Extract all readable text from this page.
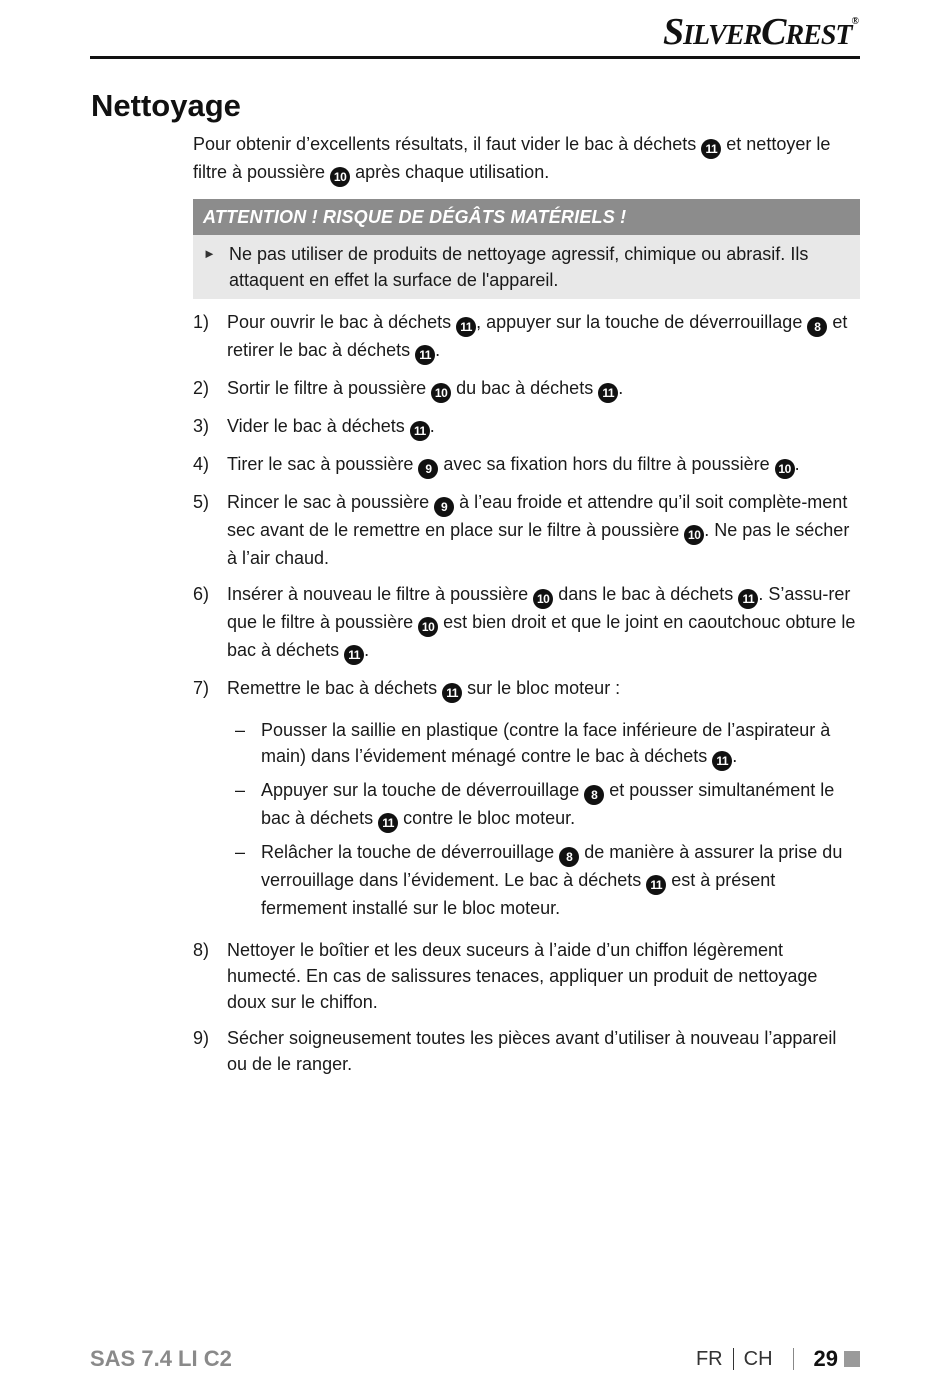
SILVERCREST®
Nettoyage

Pour obtenir d’excellents résultats, il faut vider le bac à déchets 11 et nettoyer le filtre à poussière 10 après chaque utilisation.

ATTENTION ! RISQUE DE DÉGÂTS MATÉRIELS !
► Ne pas utiliser de produits de nettoyage agressif, chimique ou abrasif. Ils attaquent en effet la surface de l'appareil.
1) Pour ouvrir le bac à déchets 11 , appuyer sur la touche de déverrouillage 8 et retirer le bac à déchets 11 .
2) Sortir le filtre à poussière 10 du bac à déchets 11 .
3) Vider le bac à déchets 11 .
4) Tirer le sac à poussière 9 avec sa fixation hors du filtre à poussière 10 .
5) Rincer le sac à poussière 9 à l’eau froide et attendre qu’il soit complète-ment sec avant de le remettre en place sur le filtre à poussière 10 . Ne pas le sécher à l’air chaud.
6) Insérer à nouveau le filtre à poussière 10 dans le bac à déchets 11 . S’assu-rer que le filtre à poussière 10 est bien droit et que le joint en caoutchouc obture le bac à déchets 11 .
7) Remettre le bac à déchets 11 sur le bloc moteur :
– Pousser la saillie en plastique (contre la face inférieure de l’aspirateur à main) dans l’évidement ménagé contre le bac à déchets 11 .
– Appuyer sur la touche de déverrouillage 8 et pousser simultanément le bac à déchets 11 contre le bloc moteur.
– Relâcher la touche de déverrouillage 8 de manière à assurer la prise du verrouillage dans l’évidement. Le bac à déchets 11 est à présent fermement installé sur le bloc moteur.
8) Nettoyer le boîtier et les deux suceurs à l’aide d’un chiffon légèrement humecté. En cas de salissures tenaces, appliquer un produit de nettoyage doux sur le chiffon.
9) Sécher soigneusement toutes les pièces avant d’utiliser à nouveau l’appareil ou de le ranger.
SAS 7.4 LI C2	FR CH 29
